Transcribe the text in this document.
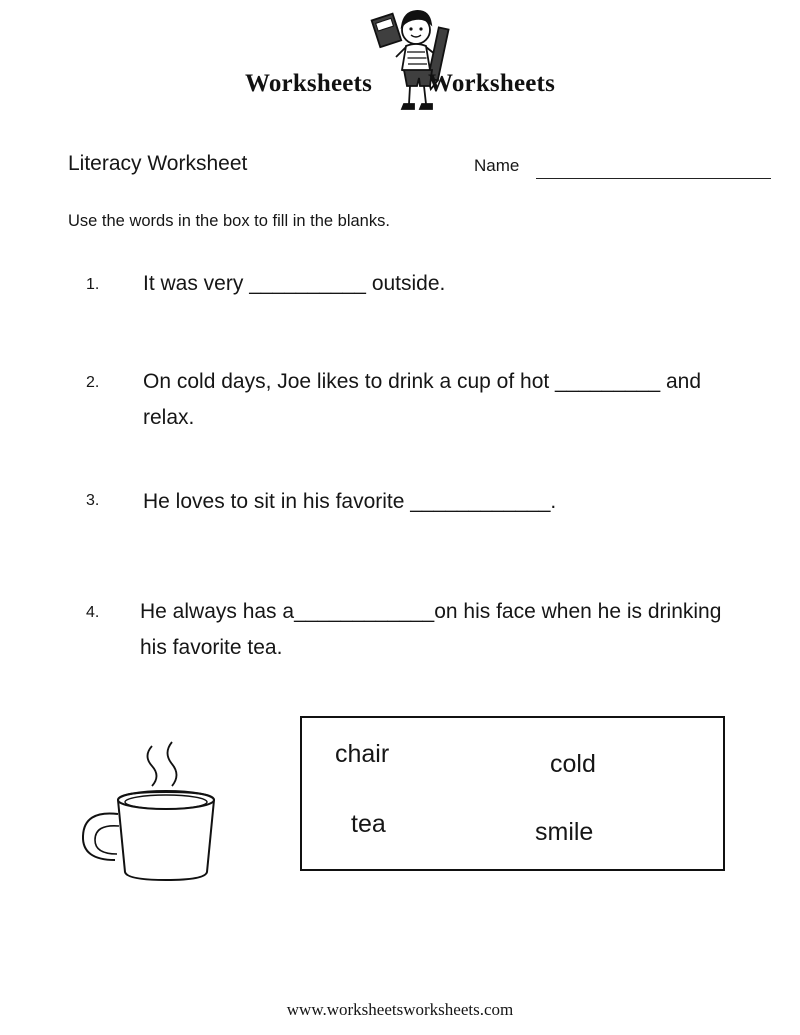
Worksheets Worksheets
Literacy Worksheet	Name
Use the words in the box to fill in the blanks.
1. It was very __________ outside.
2. On cold days, Joe likes to drink a cup of hot _________ and relax.
3. He loves to sit in his favorite ____________.
4. He always has a____________on his face when he is drinking his favorite tea.
chair	cold
tea	smile
www.worksheetsworksheets.com
